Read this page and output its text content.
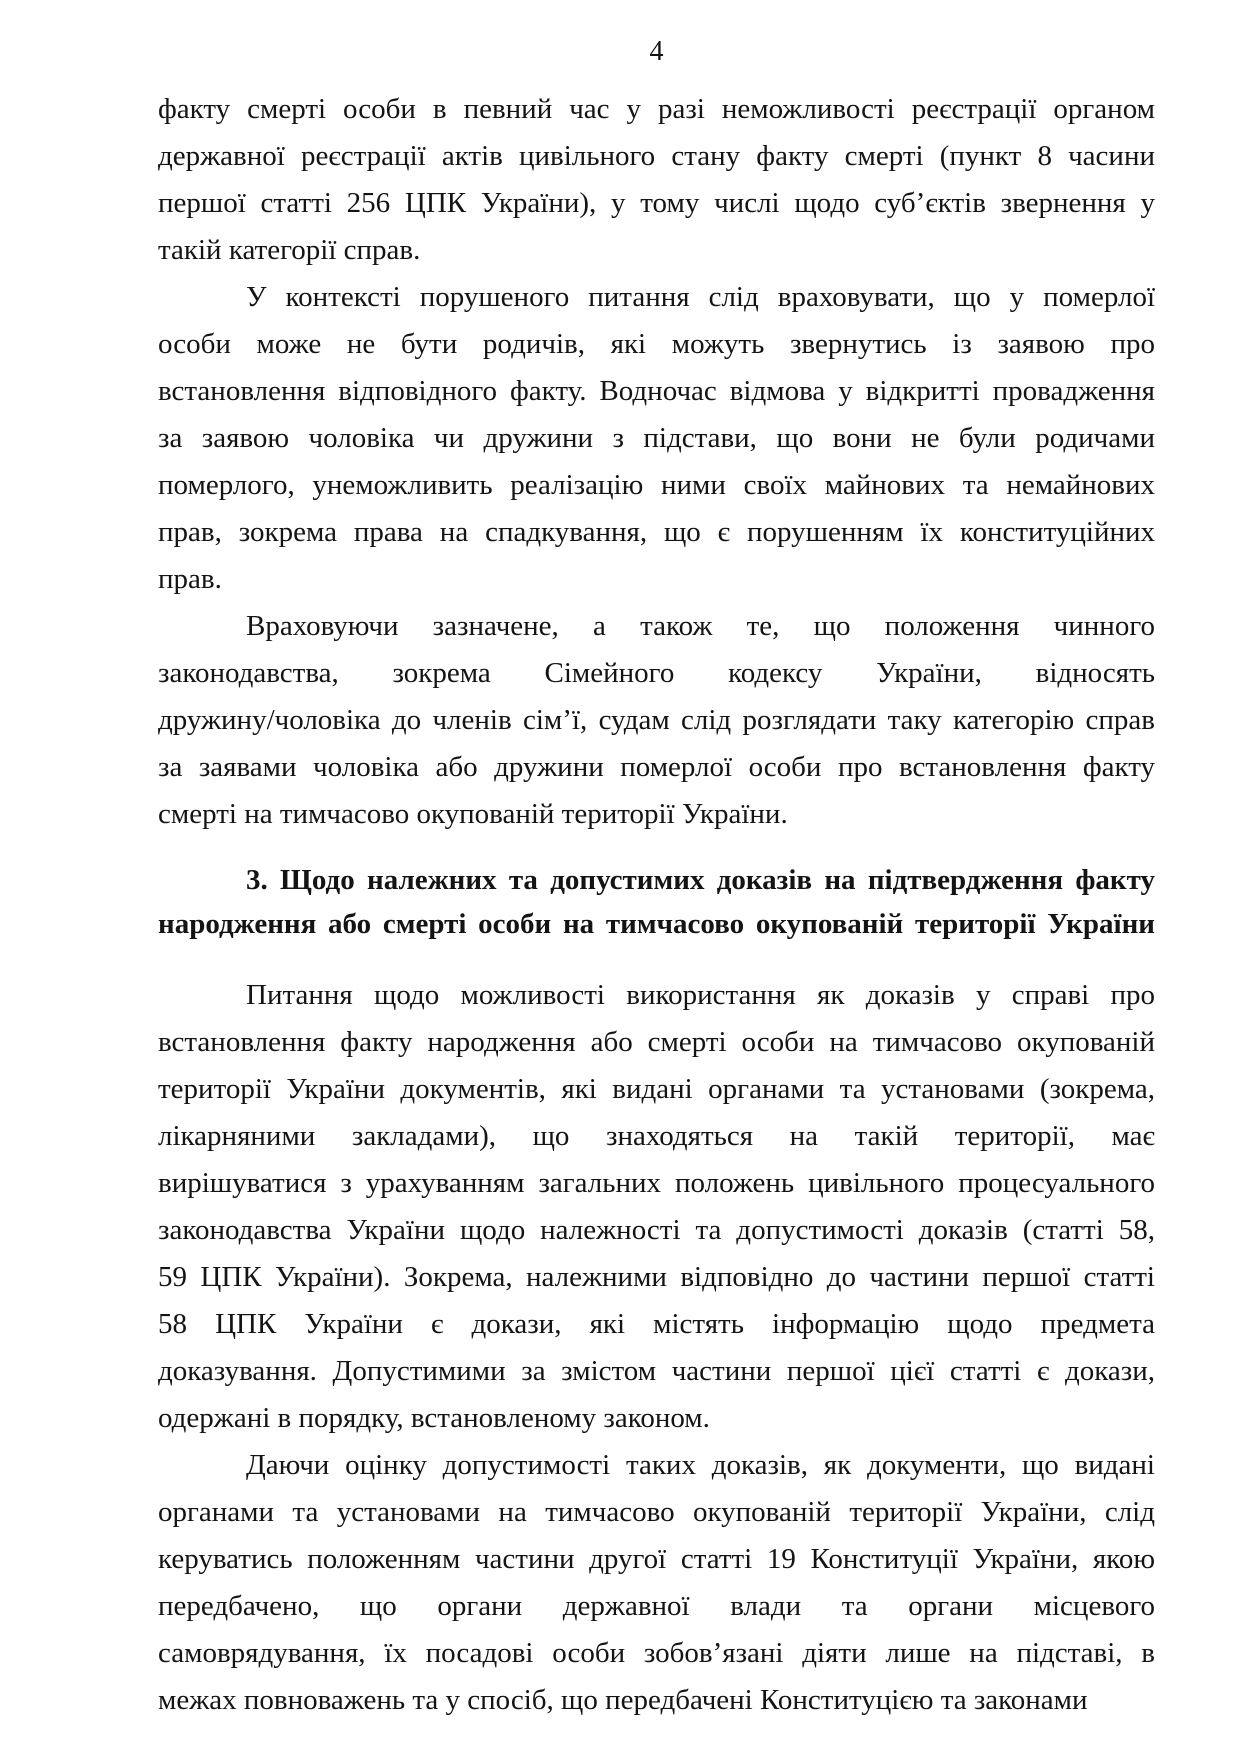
4
факту смерті особи в певний час у разі неможливості реєстрації органом
державної реєстрації актів цивільного стану факту смерті (пункт 8 часини
першої статті 256 ЦПК України), у тому числі щодо суб’єктів звернення у
такій категорії справ.
У контексті порушеного питання слід враховувати, що у померлої
особи може не бути родичів, які можуть звернутись із заявою про
встановлення відповідного факту. Водночас відмова у відкритті провадження
за заявою чоловіка чи дружини з підстави, що вони не були родичами
померлого, унеможливить реалізацію ними своїх майнових та немайнових
прав, зокрема права на спадкування, що є порушенням їх конституційних
прав.
Враховуючи зазначене, а також те, що положення чинного
законодавства, зокрема Сімейного кодексу України, відносять
дружину/чоловіка до членів сім’ї, судам слід розглядати таку категорію справ
за заявами чоловіка або дружини померлої особи про встановлення факту
смерті на тимчасово окупованій території України.
3. Щодо належних та допустимих доказів на підтвердження факту
народження або смерті особи на тимчасово окупованій території України
Питання щодо можливості використання як доказів у справі про
встановлення факту народження або смерті особи на тимчасово окупованій
території України документів, які видані органами та установами (зокрема,
лікарняними закладами), що знаходяться на такій території, має
вирішуватися з урахуванням загальних положень цивільного процесуального
законодавства України щодо належності та допустимості доказів (статті 58,
59 ЦПК України). Зокрема, належними відповідно до частини першої статті
58 ЦПК України є докази, які містять інформацію щодо предмета
доказування. Допустимими за змістом частини першої цієї статті є докази,
одержані в порядку, встановленому законом.
Даючи оцінку допустимості таких доказів, як документи, що видані
органами та установами на тимчасово окупованій території України, слід
керуватись положенням частини другої статті 19 Конституції України, якою
передбачено, що органи державної влади та органи місцевого
самоврядування, їх посадові особи зобов’язані діяти лише на підставі, в
межах повноважень та у спосіб, що передбачені Конституцією та законами
